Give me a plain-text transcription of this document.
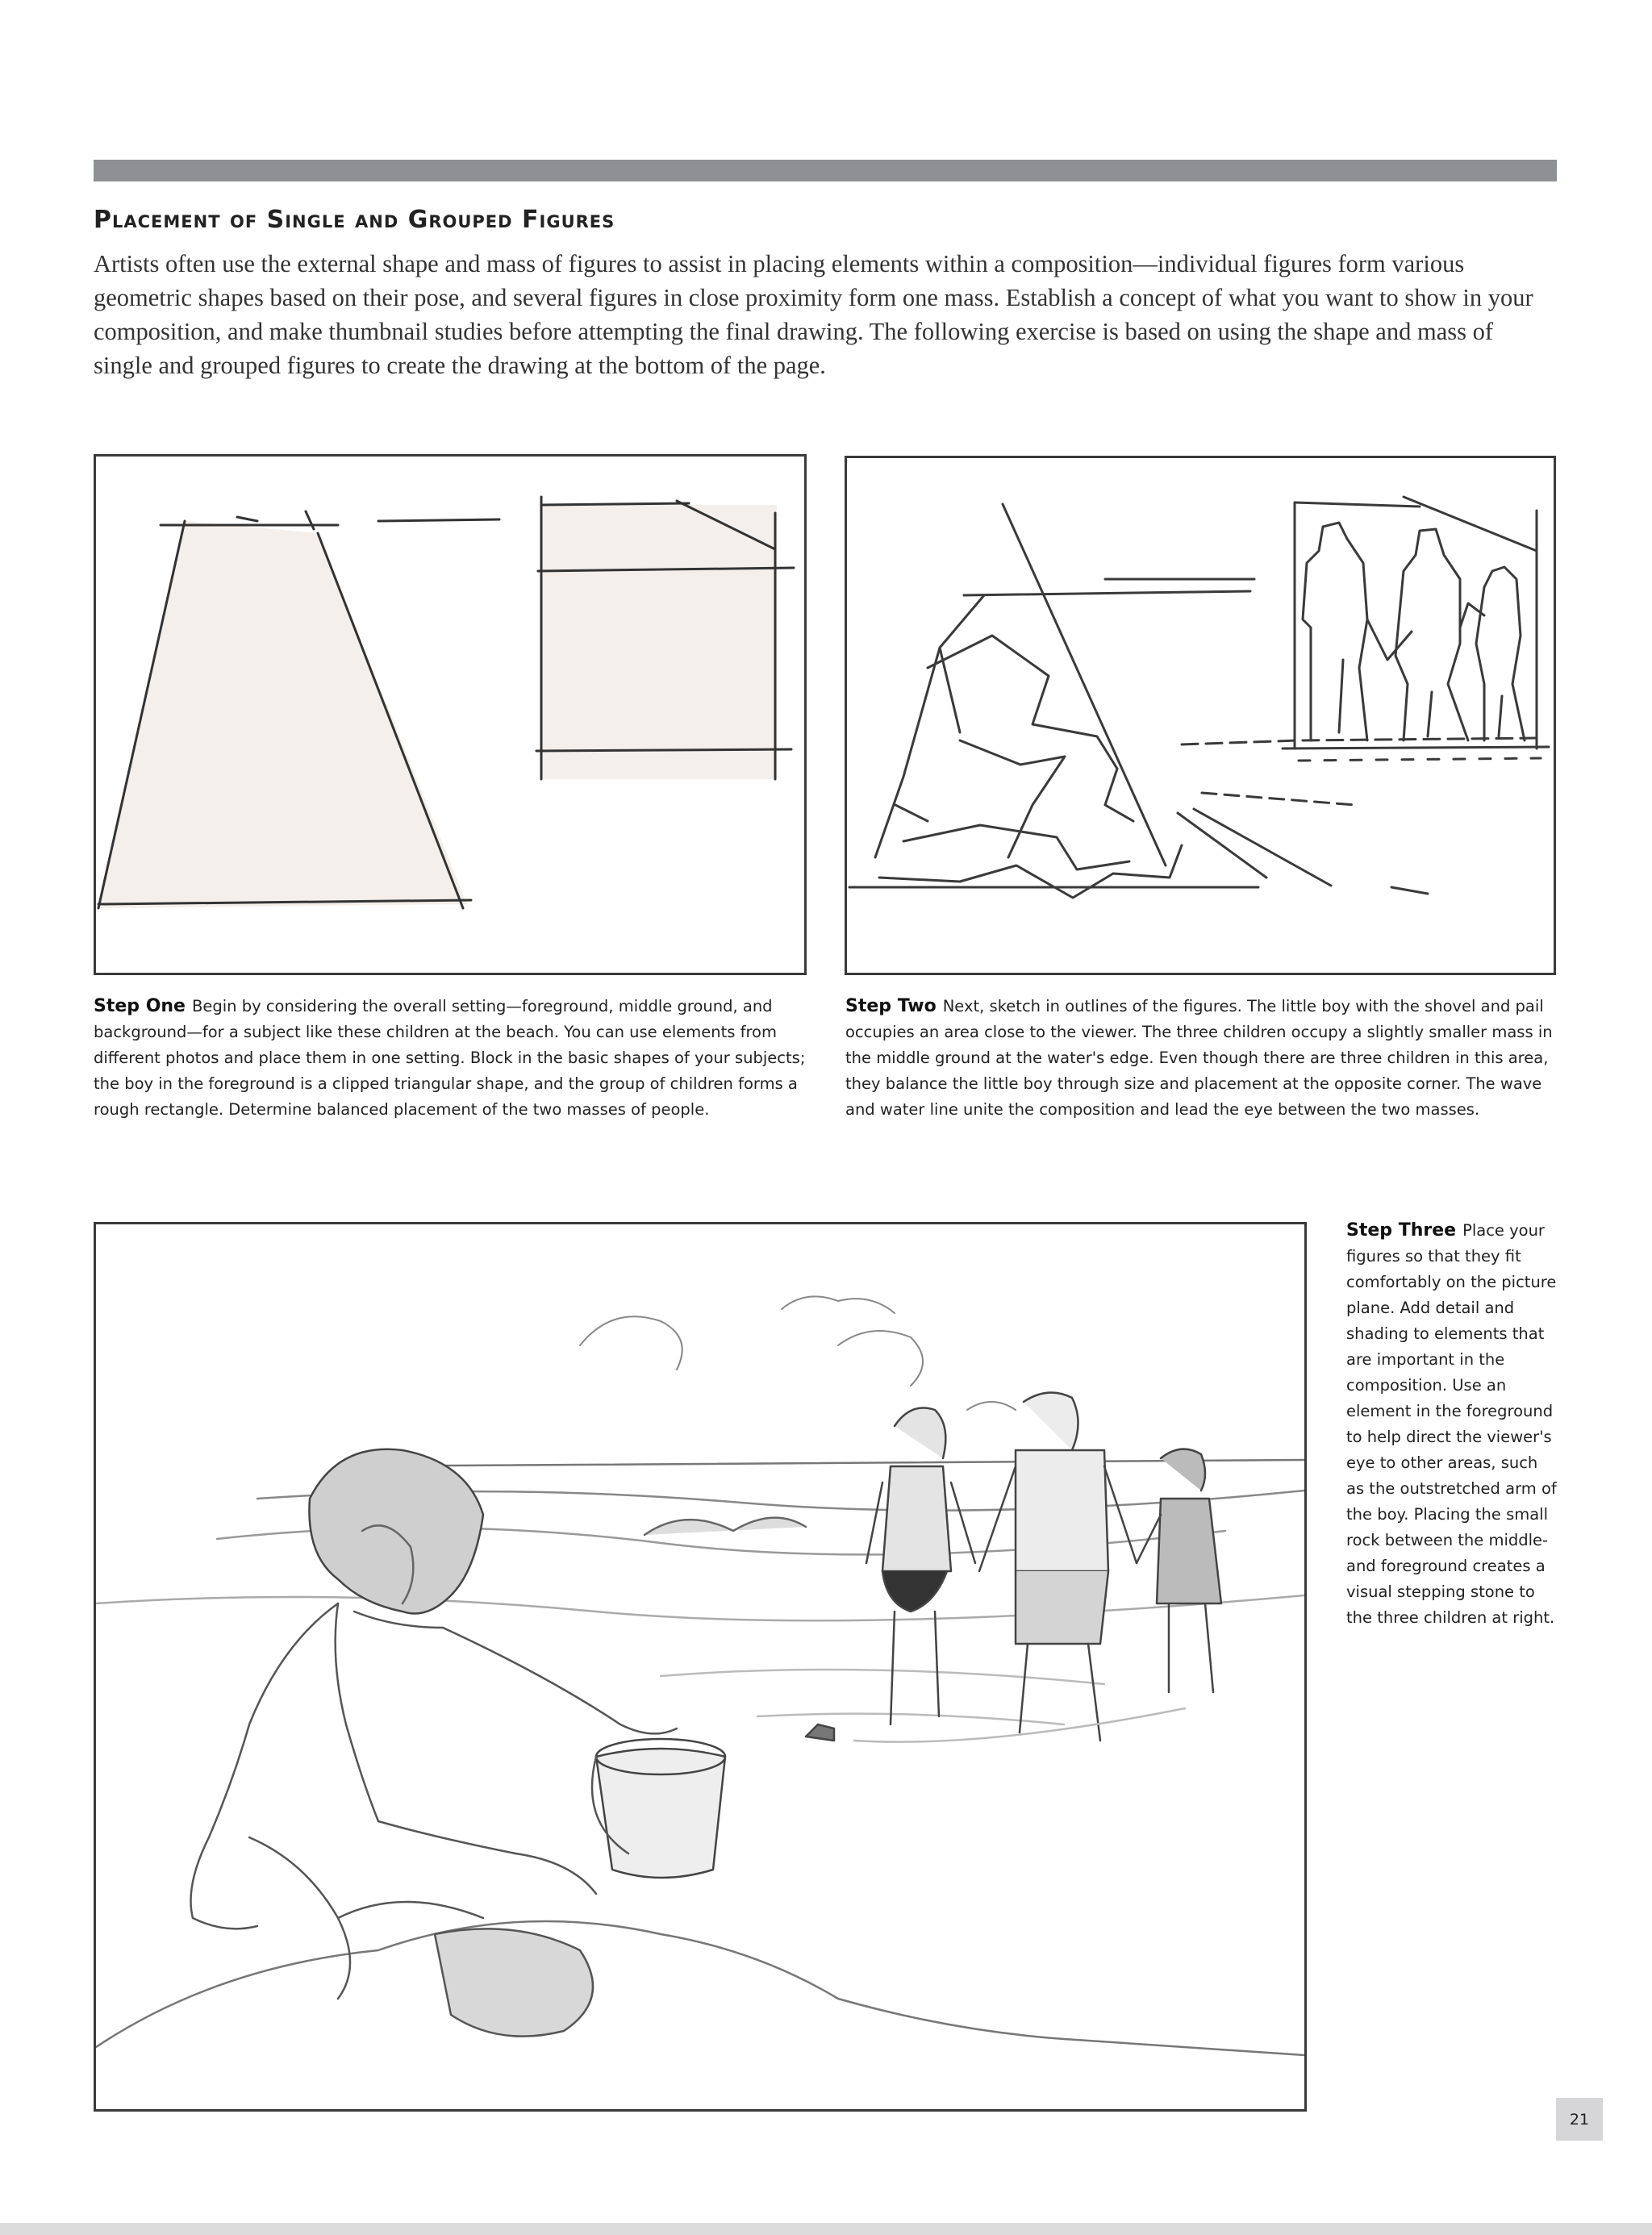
Placement of Single and Grouped Figures

Artists often use the external shape and mass of figures to assist in placing elements within a composition—individual figures form various geometric shapes based on their pose, and several figures in close proximity form one mass. Establish a concept of what you want to show in your composition, and make thumbnail studies before attempting the final drawing. The following exercise is based on using the shape and mass of single and grouped figures to create the drawing at the bottom of the page.

Step One Begin by considering the overall setting—foreground, middle ground, and background—for a subject like these children at the beach. You can use elements from different photos and place them in one setting. Block in the basic shapes of your subjects; the boy in the foreground is a clipped triangular shape, and the group of children forms a rough rectangle. Determine balanced placement of the two masses of people.

Step Two Next, sketch in outlines of the figures. The little boy with the shovel and pail occupies an area close to the viewer. The three children occupy a slightly smaller mass in the middle ground at the water's edge. Even though there are three children in this area, they balance the little boy through size and placement at the opposite corner. The wave and water line unite the composition and lead the eye between the two masses.

Step Three Place your figures so that they fit comfortably on the picture plane. Add detail and shading to elements that are important in the composition. Use an element in the foreground to help direct the viewer's eye to other areas, such as the outstretched arm of the boy. Placing the small rock between the middle- and foreground creates a visual stepping stone to the three children at right.

21
